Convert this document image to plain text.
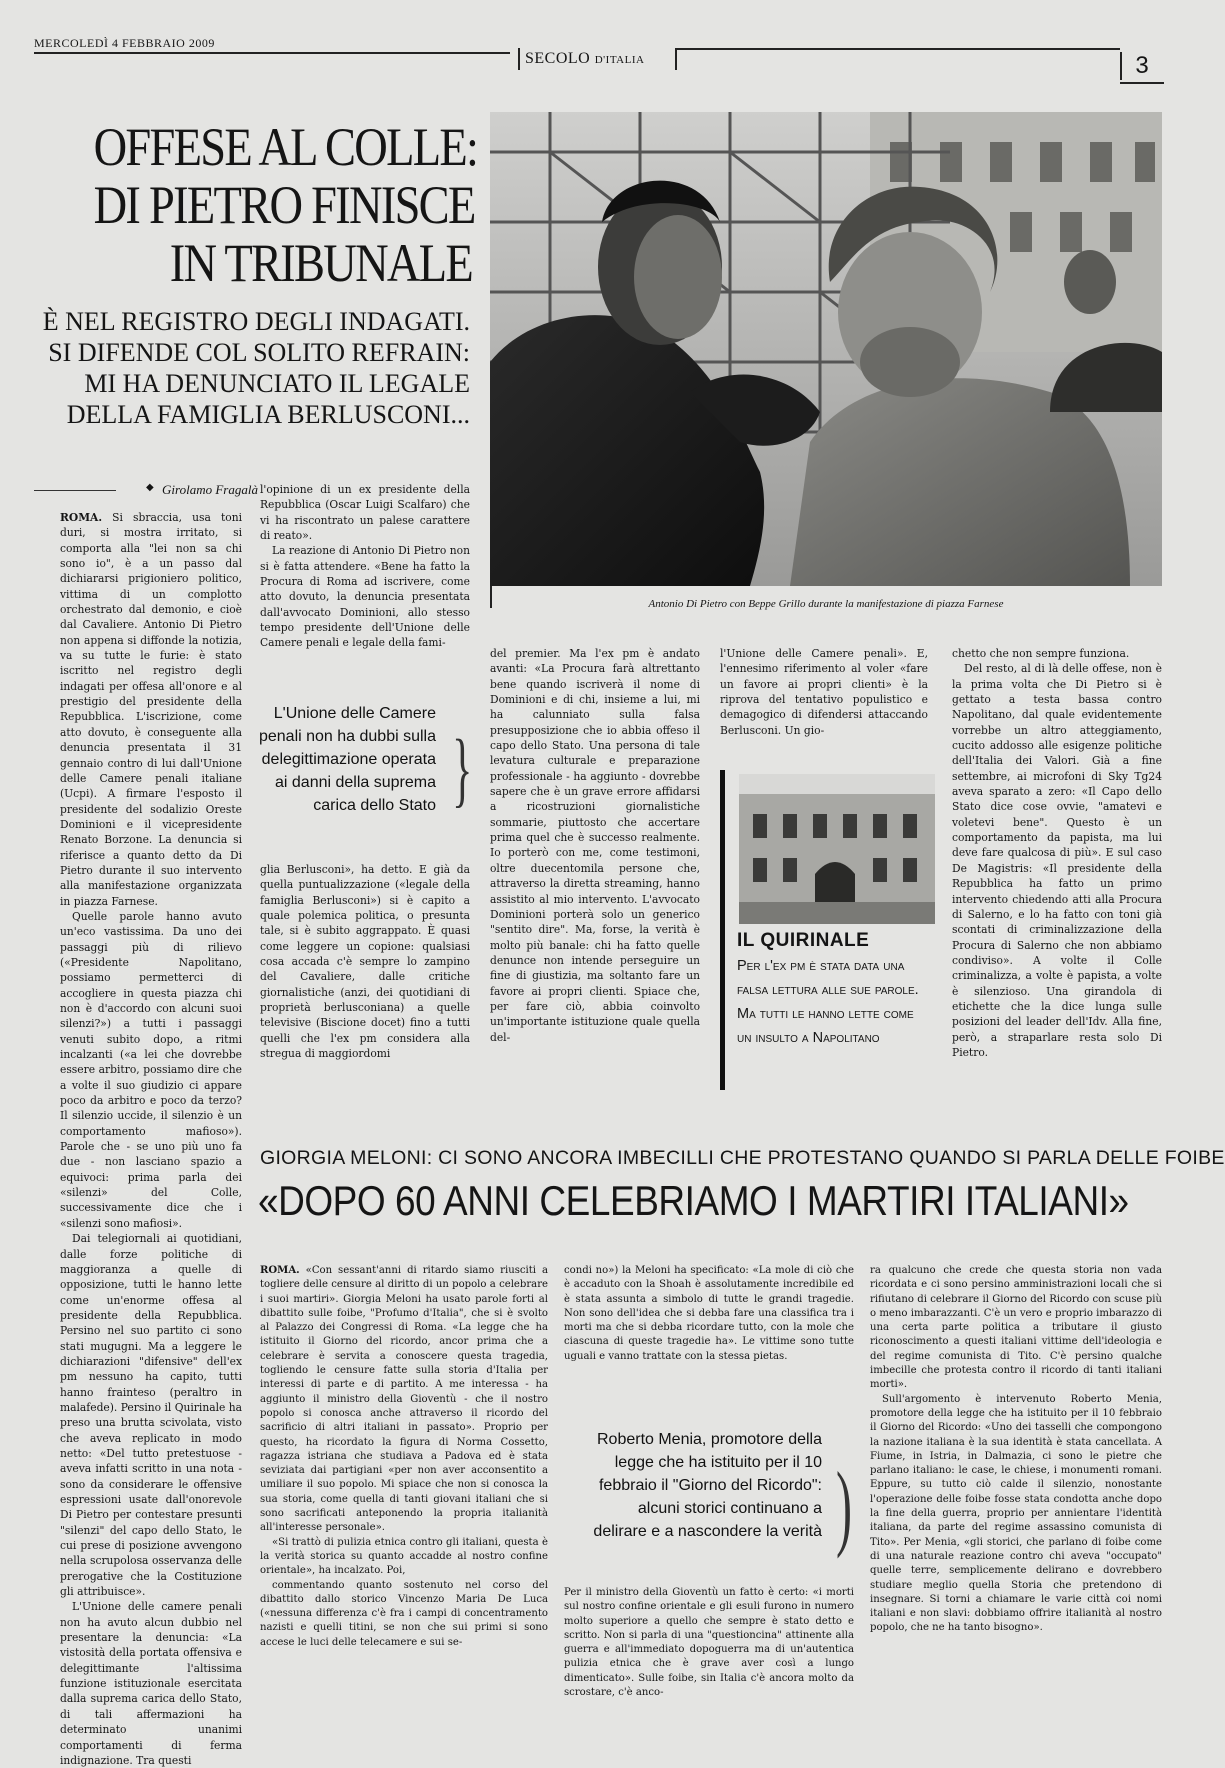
MERCOLEDÌ 4 FEBBRAIO 2009
SECOLO D'ITALIA	3
OFFESE AL COLLE:
DI PIETRO FINISCE
IN TRIBUNALE
È NEL REGISTRO DEGLI INDAGATI.
SI DIFENDE COL SOLITO REFRAIN:
MI HA DENUNCIATO IL LEGALE
DELLA FAMIGLIA BERLUSCONI...
Antonio Di Pietro con Beppe Grillo durante la manifestazione di piazza Farnese
◆ Girolamo Fragalà

ROMA. Si sbraccia, usa toni duri, si mostra irritato, si comporta alla "lei non sa chi sono io", è a un passo dal dichiararsi prigioniero politico, vittima di un complotto orchestrato dal demonio, e cioè dal Cavaliere. Antonio Di Pietro non appena si diffonde la notizia, va su tutte le furie: è stato iscritto nel registro degli indagati per offesa all'onore e al prestigio del presidente della Repubblica. L'iscrizione, come atto dovuto, è conseguente alla denuncia presentata il 31 gennaio contro di lui dall'Unione delle Camere penali italiane (Ucpi). A firmare l'esposto il presidente del sodalizio Oreste Dominioni e il vicepresidente Renato Borzone. La denuncia si riferisce a quanto detto da Di Pietro durante il suo intervento alla manifestazione organizzata in piazza Farnese.

Quelle parole hanno avuto un'eco vastissima. Da uno dei passaggi più di rilievo («Presidente Napolitano, possiamo permetterci di accogliere in questa piazza chi non è d'accordo con alcuni suoi silenzi?») a tutti i passaggi venuti subito dopo, a ritmi incalzanti («a lei che dovrebbe essere arbitro, possiamo dire che a volte il suo giudizio ci appare poco da arbitro e poco da terzo? Il silenzio uccide, il silenzio è un comportamento mafioso»). Parole che - se uno più uno fa due - non lasciano spazio a equivoci: prima parla dei «silenzi» del Colle, successivamente dice che i «silenzi sono mafiosi».

Dai telegiornali ai quotidiani, dalle forze politiche di maggioranza a quelle di opposizione, tutti le hanno lette come un'enorme offesa al presidente della Repubblica. Persino nel suo partito ci sono stati mugugni. Ma a leggere le dichiarazioni "difensive" dell'ex pm nessuno ha capito, tutti hanno frainteso (peraltro in malafede). Persino il Quirinale ha preso una brutta scivolata, visto che aveva replicato in modo netto: «Del tutto pretestuose - aveva infatti scritto in una nota - sono da considerare le offensive espressioni usate dall'onorevole Di Pietro per contestare presunti "silenzi" del capo dello Stato, le cui prese di posizione avvengono nella scrupolosa osservanza delle prerogative che la Costituzione gli attribuisce».

L'Unione delle camere penali non ha avuto alcun dubbio nel presentare la denuncia: «La vistosità della portata offensiva e delegittimante l'altissima funzione istituzionale esercitata dalla suprema carica dello Stato, di tali affermazioni ha determinato unanimi comportamenti di ferma indignazione. Tra questi

l'opinione di un ex presidente della Repubblica (Oscar Luigi Scalfaro) che vi ha riscontrato un palese carattere di reato».

La reazione di Antonio Di Pietro non si è fatta attendere. «Bene ha fatto la Procura di Roma ad iscrivere, come atto dovuto, la denuncia presentata dall'avvocato Dominioni, allo stesso tempo presidente dell'Unione delle Camere penali e legale della fami-

L'Unione delle Camere penali non ha dubbi sulla delegittimazione operata ai danni della suprema carica dello Stato }

glia Berlusconi», ha detto. E già da quella puntualizzazione («legale della famiglia Berlusconi») si è capito a quale polemica politica, o presunta tale, si è subito aggrappato. È quasi come leggere un copione: qualsiasi cosa accada c'è sempre lo zampino del Cavaliere, dalle critiche giornalistiche (anzi, dei quotidiani di proprietà berlusconiana) a quelle televisive (Biscione docet) fino a tutti quelli che l'ex pm considera alla stregua di maggiordomi

del premier. Ma l'ex pm è andato avanti: «La Procura farà altrettanto bene quando iscriverà il nome di Dominioni e di chi, insieme a lui, mi ha calunniato sulla falsa presupposizione che io abbia offeso il capo dello Stato. Una persona di tale levatura culturale e preparazione professionale - ha aggiunto - dovrebbe sapere che è un grave errore affidarsi a ricostruzioni giornalistiche sommarie, piuttosto che accertare prima quel che è successo realmente. Io porterò con me, come testimoni, oltre duecentomila persone che, attraverso la diretta streaming, hanno assistito al mio intervento. L'avvocato Dominioni porterà solo un generico "sentito dire". Ma, forse, la verità è molto più banale: chi ha fatto quelle denunce non intende perseguire un fine di giustizia, ma soltanto fare un favore ai propri clienti. Spiace che, per fare ciò, abbia coinvolto un'importante istituzione quale quella del-

l'Unione delle Camere penali». E, l'ennesimo riferimento al voler «fare un favore ai propri clienti» è la riprova del tentativo populistico e demagogico di difendersi attaccando Berlusconi. Un gio-

IL QUIRINALE
Per l'ex pm è stata data una falsa lettura alle sue parole. Ma tutti le hanno lette come un insulto a Napolitano

chetto che non sempre funziona.

Del resto, al di là delle offese, non è la prima volta che Di Pietro si è gettato a testa bassa contro Napolitano, dal quale evidentemente vorrebbe un altro atteggiamento, cucito addosso alle esigenze politiche dell'Italia dei Valori. Già a fine settembre, ai microfoni di Sky Tg24 aveva sparato a zero: «Il Capo dello Stato dice cose ovvie, "amatevi e voletevi bene". Questo è un comportamento da papista, ma lui deve fare qualcosa di più». E sul caso De Magistris: «Il presidente della Repubblica ha fatto un primo intervento chiedendo atti alla Procura di Salerno, e lo ha fatto con toni già scontati di criminalizzazione della Procura di Salerno che non abbiamo condiviso». A volte il Colle criminalizza, a volte è papista, a volte è silenzioso. Una girandola di etichette che la dice lunga sulle posizioni del leader dell'Idv. Alla fine, però, a straparlare resta solo Di Pietro.

GIORGIA MELONI: CI SONO ANCORA IMBECILLI CHE PROTESTANO QUANDO SI PARLA DELLE FOIBE
«DOPO 60 ANNI CELEBRIAMO I MARTIRI ITALIANI»

ROMA. «Con sessant'anni di ritardo siamo riusciti a togliere delle censure al diritto di un popolo a celebrare i suoi martiri». Giorgia Meloni ha usato parole forti al dibattito sulle foibe, "Profumo d'Italia", che si è svolto al Palazzo dei Congressi di Roma. «La legge che ha istituito il Giorno del ricordo, ancor prima che a celebrare è servita a conoscere questa tragedia, togliendo le censure fatte sulla storia d'Italia per interessi di parte e di partito. A me interessa - ha aggiunto il ministro della Gioventù - che il nostro popolo si conosca anche attraverso il ricordo del sacrificio di altri italiani in passato». Proprio per questo, ha ricordato la figura di Norma Cossetto, ragazza istriana che studiava a Padova ed è stata seviziata dai partigiani «per non aver acconsentito a umiliare il suo popolo. Mi spiace che non si conosca la sua storia, come quella di tanti giovani italiani che si sono sacrificati anteponendo la propria italianità all'interesse personale».

«Si trattò di pulizia etnica contro gli italiani, questa è la verità storica su quanto accadde al nostro confine orientale», ha incalzato. Poi,

commentando quanto sostenuto nel corso del dibattito dallo storico Vincenzo Maria De Luca («nessuna differenza c'è fra i campi di concentramento nazisti e quelli titini, se non che sui primi si sono accese le luci delle telecamere e sui se-

condi no») la Meloni ha specificato: «La mole di ciò che è accaduto con la Shoah è assolutamente incredibile ed è stata assunta a simbolo di tutte le grandi tragedie. Non sono dell'idea che si debba fare una classifica tra i morti ma che si debba ricordare tutto, con la mole che ciascuna di queste tragedie ha». Le vittime sono tutte uguali e vanno trattate con la stessa pietas.

Roberto Menia, promotore della legge che ha istituito per il 10 febbraio il "Giorno del Ricordo": alcuni storici continuano a delirare e a nascondere la verità )

Per il ministro della Gioventù un fatto è certo: «i morti sul nostro confine orientale e gli esuli furono in numero molto superiore a quello che sempre è stato detto e scritto. Non si parla di una "questioncina" attinente alla guerra e all'immediato dopoguerra ma di un'autentica pulizia etnica che è grave aver così a lungo dimenticato». Sulle foibe, sin Italia c'è ancora molto da scrostare, c'è anco-

ra qualcuno che crede che questa storia non vada ricordata e ci sono persino amministrazioni locali che si rifiutano di celebrare il Giorno del Ricordo con scuse più o meno imbarazzanti. C'è un vero e proprio imbarazzo di una certa parte politica a tributare il giusto riconoscimento a questi italiani vittime dell'ideologia e del regime comunista di Tito. C'è persino qualche imbecille che protesta contro il ricordo di tanti italiani morti».

Sull'argomento è intervenuto Roberto Menia, promotore della legge che ha istituito per il 10 febbraio il Giorno del Ricordo: «Uno dei tasselli che compongono la nazione italiana è la sua identità è stata cancellata. A Fiume, in Istria, in Dalmazia, ci sono le pietre che parlano italiano: le case, le chiese, i monumenti romani. Eppure, su tutto ciò calde il silenzio, nonostante l'operazione delle foibe fosse stata condotta anche dopo la fine della guerra, proprio per annientare l'identità italiana, da parte del regime assassino comunista di Tito». Per Menia, «gli storici, che parlano di foibe come di una naturale reazione contro chi aveva "occupato" quelle terre, semplicemente delirano e dovrebbero studiare meglio quella Storia che pretendono di insegnare. Si torni a chiamare le varie città coi nomi italiani e non slavi: dobbiamo offrire italianità al nostro popolo, che ne ha tanto bisogno».
